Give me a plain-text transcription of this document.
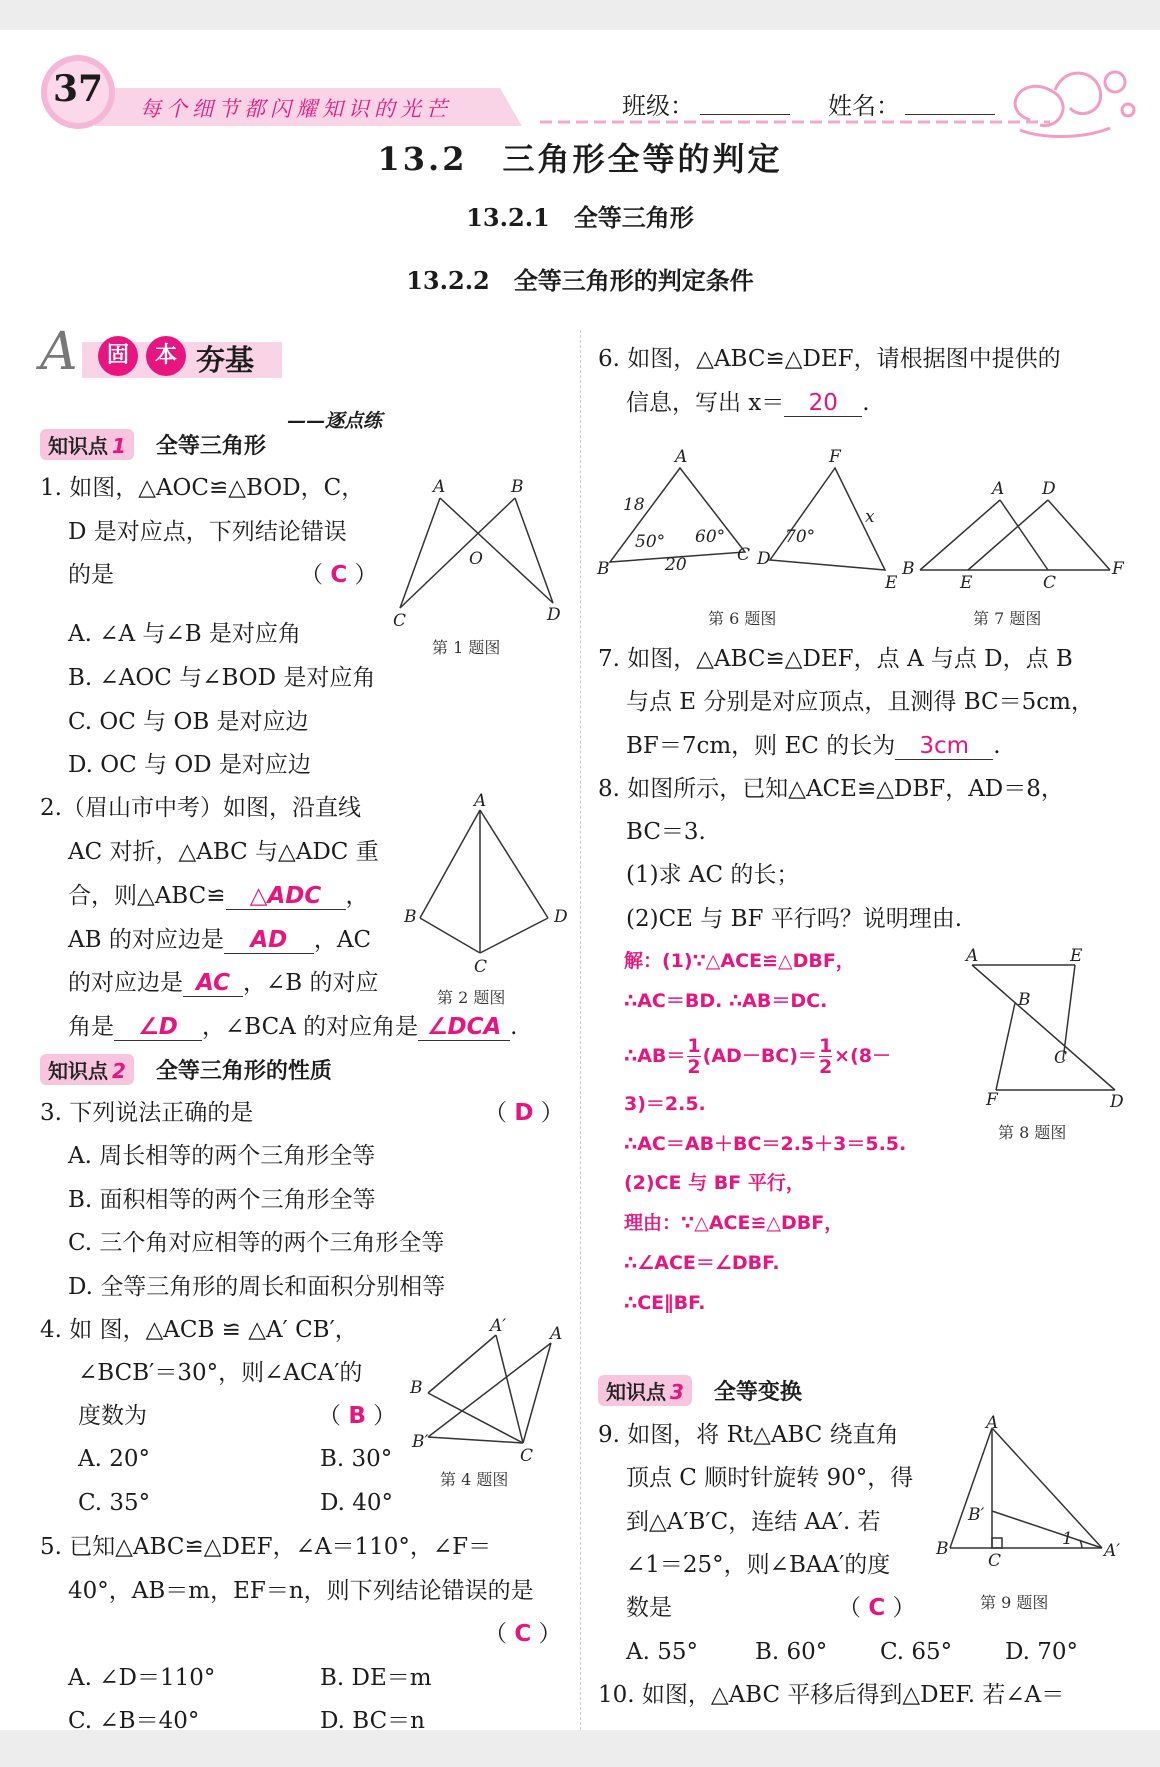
37	每个细节都闪耀知识的光芒	班级：	姓名：
13.2　三角形全等的判定
13.2.1　全等三角形
13.2.2　全等三角形的判定条件
A	固	本 夯基
——逐点练
知识点 1	全等三角形
1. 如图，△AOC≌△BOD，C，
D 是对应点，下列结论错误
的是	（ C ）
A. ∠A 与∠B 是对应角
B. ∠AOC 与∠BOD 是对应角
C. OC 与 OB 是对应边
D. OC 与 OD 是对应边
A	B
O
C	D
第 1 题图
2.（眉山市中考）如图，沿直线
AC 对折，△ABC 与△ADC 重
合，则△ABC≌ △ADC ，
AB 的对应边是 AD ，AC
的对应边是 AC ，∠B 的对应
角是 ∠D ，∠BCA 的对应角是 ∠DCA .
A
B	D
C
第 2 题图
知识点 2	全等三角形的性质
3. 下列说法正确的是	（ D ）
A. 周长相等的两个三角形全等
B. 面积相等的两个三角形全等
C. 三个角对应相等的两个三角形全等
D. 全等三角形的周长和面积分别相等
4. 如 图，△ACB ≌ △A′ CB′，
∠BCB′＝30°，则∠ACA′的
度数为	（ B ）
A. 20°	B. 30°
C. 35°	D. 40°
A′	A
B
B′
C
第 4 题图
5. 已知△ABC≌△DEF，∠A＝110°，∠F＝
40°，AB＝m，EF＝n，则下列结论错误的是
（ C ）
A. ∠D＝110°	B. DE＝m
C. ∠B＝40°	D. BC＝n
6. 如图，△ABC≌△DEF，请根据图中提供的
信息，写出 x＝ 20 .
A
B
C
18
50° 60°
20
F
D
E
70°
x
第 6 题图
A D
B
E	C
F
第 7 题图
7. 如图，△ABC≌△DEF，点 A 与点 D，点 B
与点 E 分别是对应顶点，且测得 BC＝5cm，
BF＝7cm，则 EC 的长为 3cm .
8. 如图所示，已知△ACE≌△DBF，AD＝8，
BC＝3.
(1)求 AC 的长；
(2)CE 与 BF 平行吗？说明理由.
解：(1)∵△ACE≌△DBF，
∴AC＝BD. ∴AB＝DC.
∴AB＝ $\frac{1}{2} (AD-BC)= \frac{1}{2} \times(8-$
3)＝2.5.
∴AC＝AB＋BC＝2.5＋3＝5.5.
(2)CE 与 BF 平行，
理由：∵△ACE≌△DBF，
∴∠ACE＝∠DBF.
∴CE∥BF.
A	E
B
C
F	D
第 8 题图
知识点 3	全等变换
9. 如图，将 Rt△ABC 绕直角
顶点 C 顺时针旋转 90°，得
到△A′B′C，连结 AA′. 若
∠1＝25°，则∠BAA′的度
数是	（ C ）
A. 55° B. 60° C. 65° D. 70°
A
B′
B
C	A′
1
第 9 题图
10. 如图，△ABC 平移后得到△DEF. 若∠A＝
